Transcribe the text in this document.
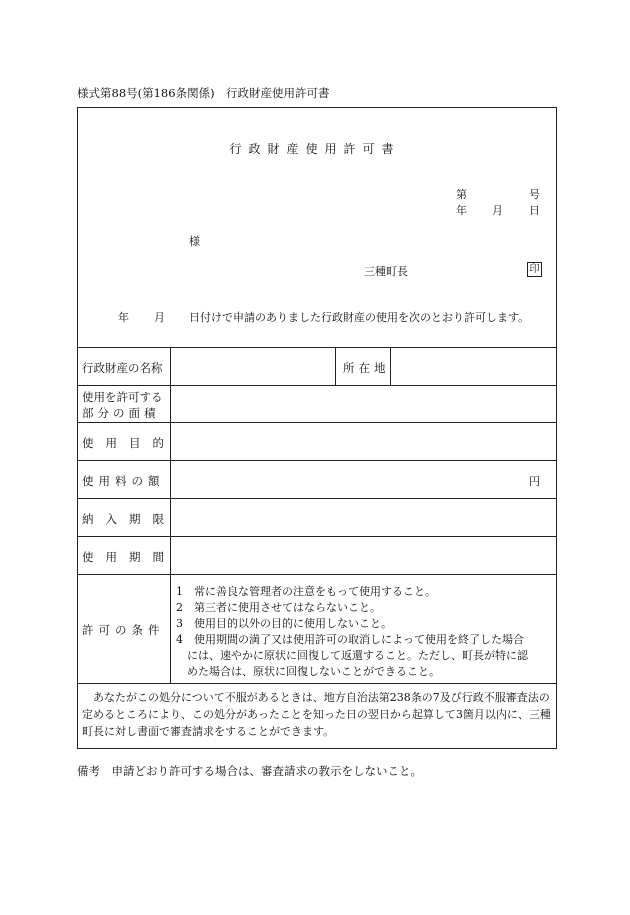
様式第88号(第186条関係)　行政財産使用許可書
行政財産使用許可書
第	号
年 月 日
様
三種町長	印
年 月 日付けで申請のありました行政財産の使用を次のとおり許可します。
行政財産の名称	所在地
使用を許可する
部分の面積
使用目的
使用料の額	円
納入期限
使用期間
許可の条件
1　常に善良な管理者の注意をもって使用すること。
2　第三者に使用させてはならないこと。
3　使用目的以外の目的に使用しないこと。
4　使用期間の満了又は使用許可の取消しによって使用を終了した場合
　には、速やかに原状に回復して返還すること。ただし、町長が特に認
　めた場合は、原状に回復しないことができること。
　あなたがこの処分について不服があるときは、地方自治法第238条の7及び行政不服審査法の定めるところにより、この処分があったことを知った日の翌日から起算して3箇月以内に、三種町長に対し書面で審査請求をすることができます。
備考　申請どおり許可する場合は、審査請求の教示をしないこと。
